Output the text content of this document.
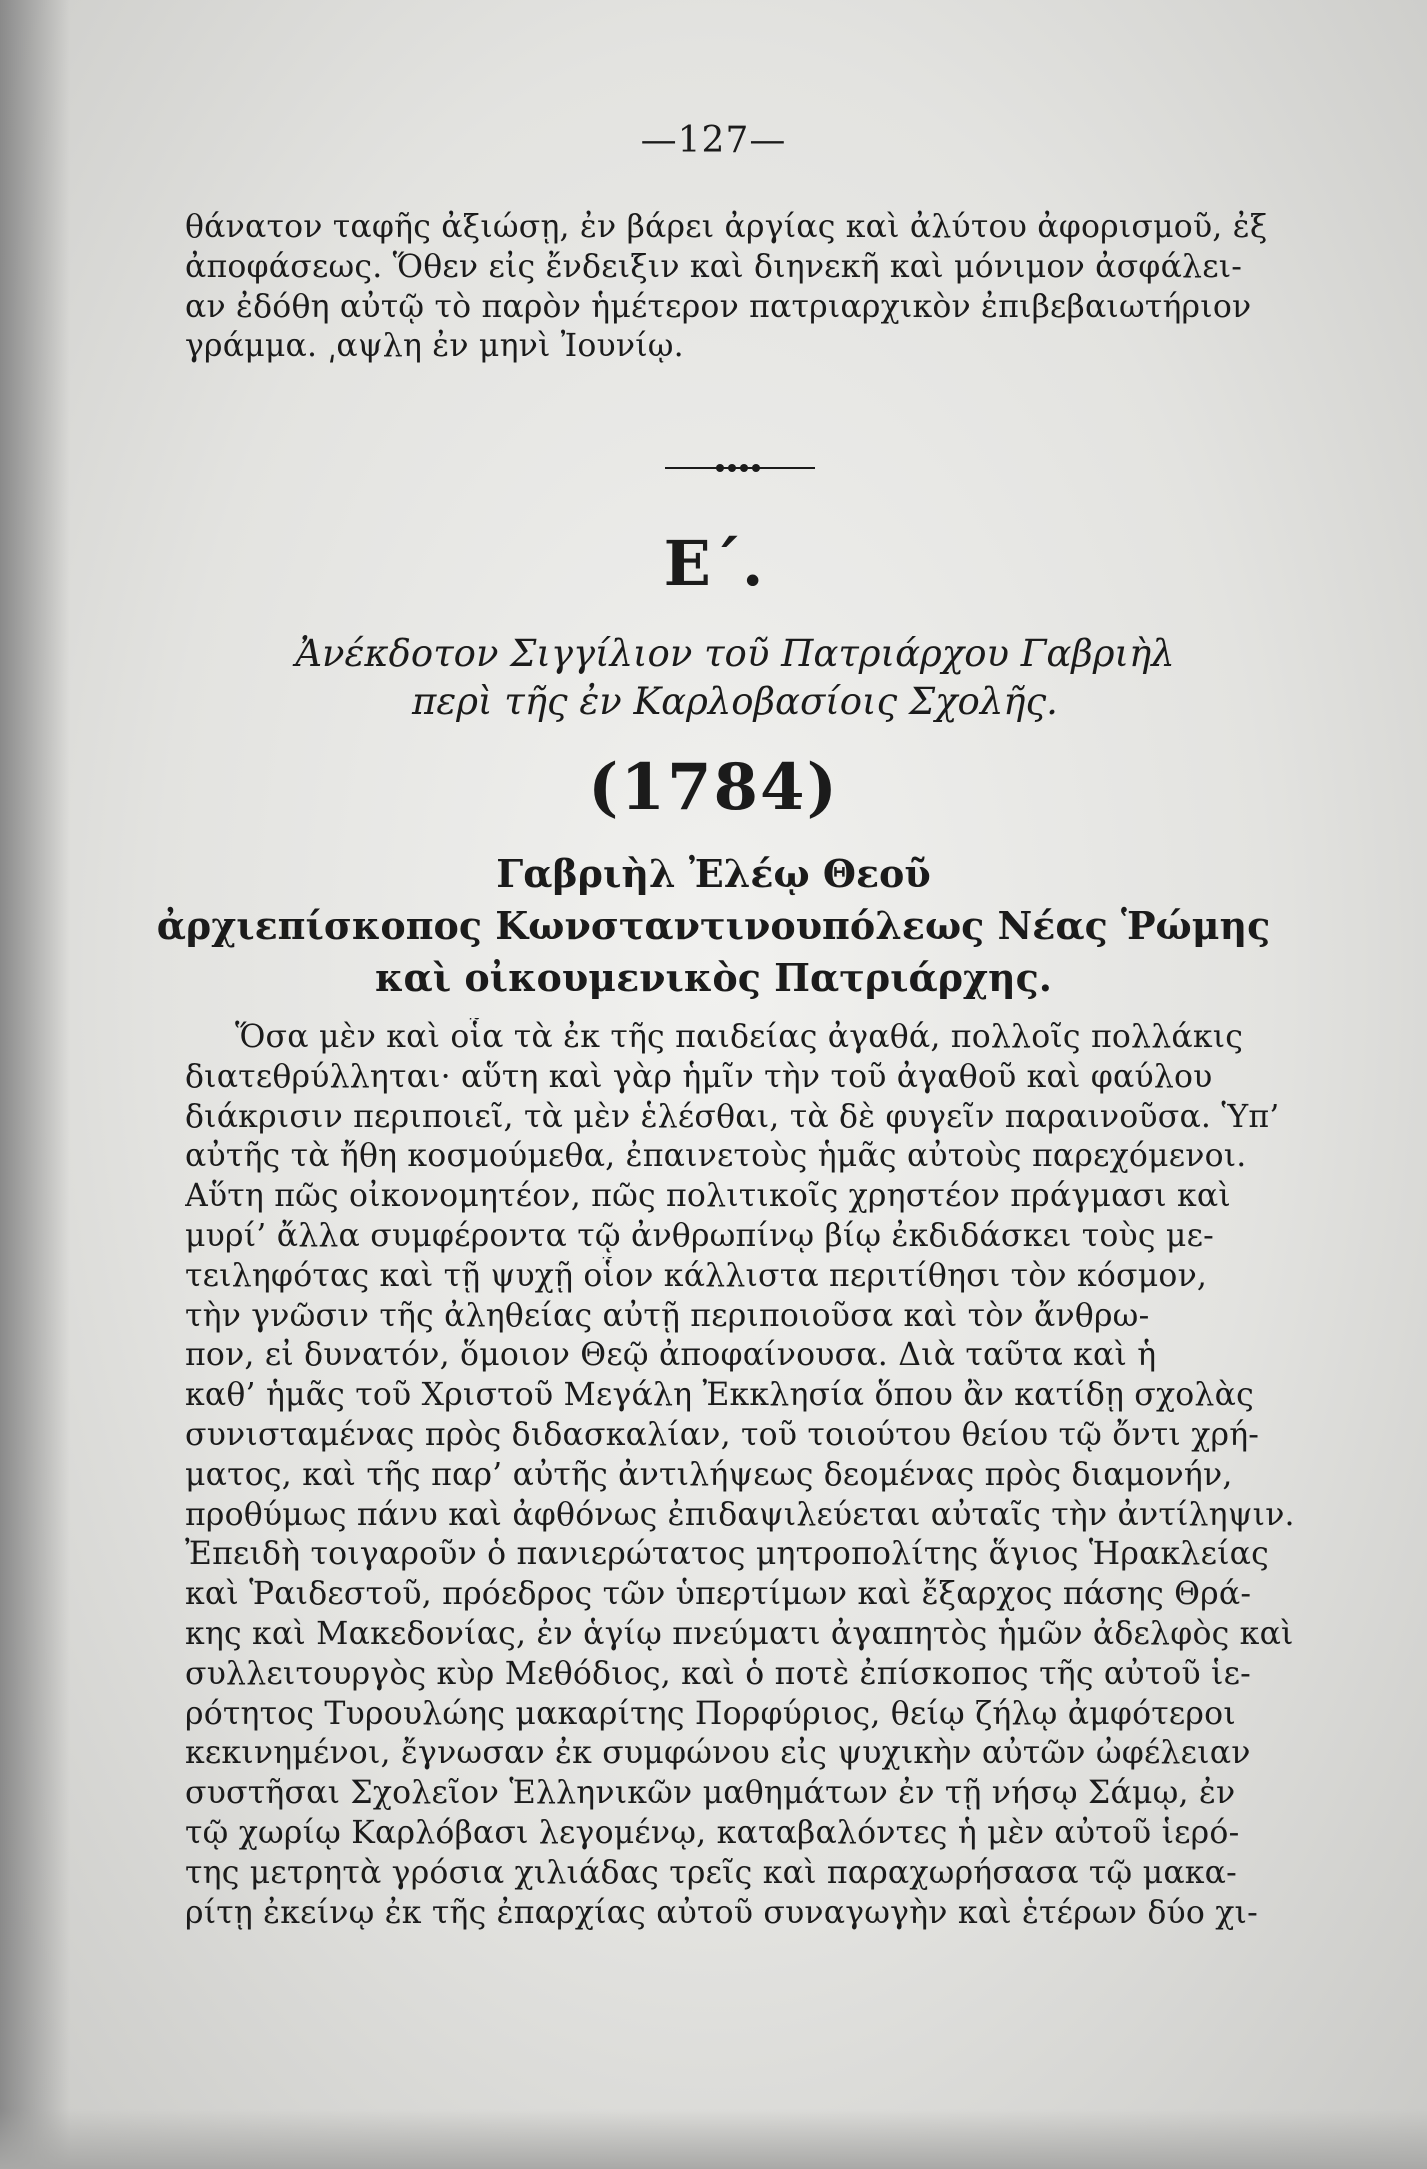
—127—
θάνατον ταφῆς ἀξιώσῃ, ἐν βάρει ἀργίας καὶ ἀλύτου ἀφορισμοῦ, ἐξ
ἀποφάσεως. Ὅθεν εἰς ἔνδειξιν καὶ διηνεκῆ καὶ μόνιμον ἀσφάλει-
αν ἐδόθη αὐτῷ τὸ παρὸν ἡμέτερον πατριαρχικὸν ἐπιβεβαιωτήριον
γράμμα. ͵αψλη ἐν μηνὶ Ἰουνίῳ.
Ε΄.
Ἀνέκδοτον Σιγγίλιον τοῦ Πατριάρχου Γαβριὴλ
περὶ τῆς ἐν Καρλοβασίοις Σχολῆς.
(1784)
Γαβριὴλ Ἐλέῳ Θεοῦ
ἀρχιεπίσκοπος Κωνσταντινουπόλεως Νέας Ῥώμης
καὶ οἰκουμενικὸς Πατριάρχης.
Ὅσα μὲν καὶ οἷα τὰ ἐκ τῆς παιδείας ἀγαθά, πολλοῖς πολλάκις
διατεθρύλληται· αὕτη καὶ γὰρ ἡμῖν τὴν τοῦ ἀγαθοῦ καὶ φαύλου
διάκρισιν περιποιεῖ, τὰ μὲν ἑλέσθαι, τὰ δὲ φυγεῖν παραινοῦσα. Ὑπ’
αὐτῆς τὰ ἤθη κοσμούμεθα, ἐπαινετοὺς ἡμᾶς αὐτοὺς παρεχόμενοι.
Αὕτη πῶς οἰκονομητέον, πῶς πολιτικοῖς χρηστέον πράγμασι καὶ
μυρί’ ἄλλα συμφέροντα τῷ ἀνθρωπίνῳ βίῳ ἐκδιδάσκει τοὺς με-
τειληφότας καὶ τῇ ψυχῇ οἷον κάλλιστα περιτίθησι τὸν κόσμον,
τὴν γνῶσιν τῆς ἀληθείας αὐτῇ περιποιοῦσα καὶ τὸν ἄνθρω-
πον, εἰ δυνατόν, ὅμοιον Θεῷ ἀποφαίνουσα. Διὰ ταῦτα καὶ ἡ
καθ’ ἡμᾶς τοῦ Χριστοῦ Μεγάλη Ἐκκλησία ὅπου ἂν κατίδῃ σχολὰς
συνισταμένας πρὸς διδασκαλίαν, τοῦ τοιούτου θείου τῷ ὄντι χρή-
ματος, καὶ τῆς παρ’ αὐτῆς ἀντιλήψεως δεομένας πρὸς διαμονήν,
προθύμως πάνυ καὶ ἀφθόνως ἐπιδαψιλεύεται αὐταῖς τὴν ἀντίληψιν.
Ἐπειδὴ τοιγαροῦν ὁ πανιερώτατος μητροπολίτης ἅγιος Ἡρακλείας
καὶ Ῥαιδεστοῦ, πρόεδρος τῶν ὑπερτίμων καὶ ἔξαρχος πάσης Θρά-
κης καὶ Μακεδονίας, ἐν ἁγίῳ πνεύματι ἀγαπητὸς ἡμῶν ἀδελφὸς καὶ
συλλειτουργὸς κὺρ Μεθόδιος, καὶ ὁ ποτὲ ἐπίσκοπος τῆς αὐτοῦ ἱε-
ρότητος Τυρουλώης μακαρίτης Πορφύριος, θείῳ ζήλῳ ἀμφότεροι
κεκινημένοι, ἔγνωσαν ἐκ συμφώνου εἰς ψυχικὴν αὐτῶν ὠφέλειαν
συστῆσαι Σχολεῖον Ἑλληνικῶν μαθημάτων ἐν τῇ νήσῳ Σάμῳ, ἐν
τῷ χωρίῳ Καρλόβασι λεγομένῳ, καταβαλόντες ἡ μὲν αὐτοῦ ἱερό-
της μετρητὰ γρόσια χιλιάδας τρεῖς καὶ παραχωρήσασα τῷ μακα-
ρίτῃ ἐκείνῳ ἐκ τῆς ἐπαρχίας αὐτοῦ συναγωγὴν καὶ ἑτέρων δύο χι-
